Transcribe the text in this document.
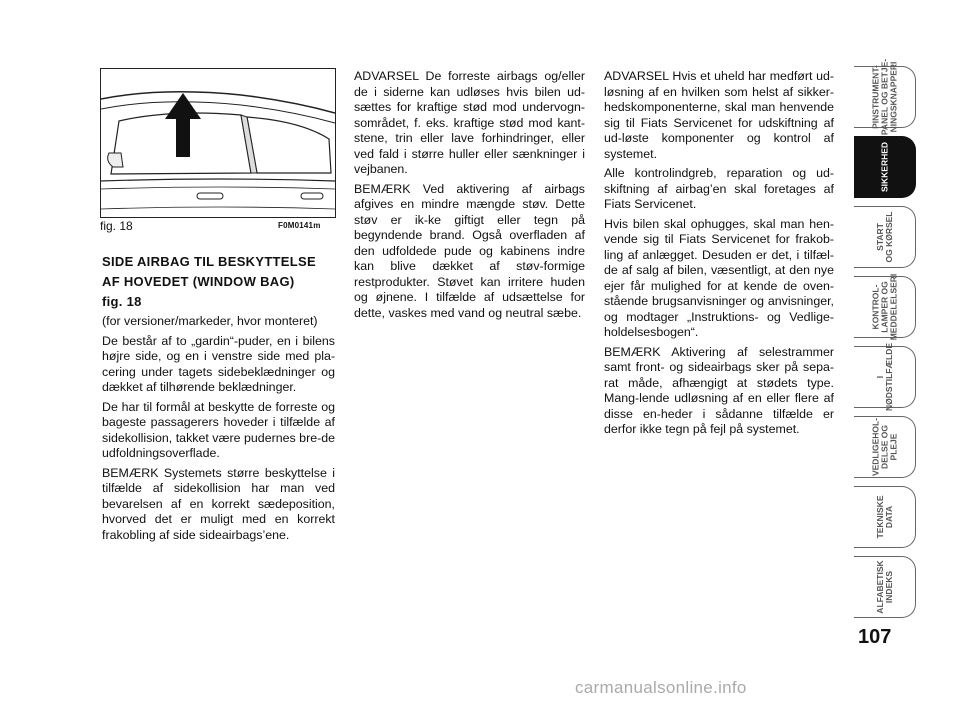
fig. 18	F0M0141m

SIDE AIRBAG TIL BESKYTTELSE

AF HOVEDET (WINDOW BAG)

fig. 18

(for versioner/markeder, hvor monteret)

De består af to „gardin“-puder, en i bilens højre side, og en i venstre side med pla-cering under tagets sidebeklædninger og dækket af tilhørende beklædninger.

De har til formål at beskytte de forreste og bageste passagerers hoveder i tilfælde af sidekollision, takket være pudernes bre-de udfoldningsoverflade.

BEMÆRK Systemets større beskyttelse i tilfælde af sidekollision har man ved bevarelsen af en korrekt sædeposition, hvorved det er muligt med en korrekt frakobling af side sideairbags’ene.

ADVARSEL De forreste airbags og/eller de i siderne kan udløses hvis bilen ud-sættes for kraftige stød mod undervogn-sområdet, f. eks. kraftige stød mod kant-stene, trin eller lave forhindringer, eller ved fald i større huller eller sænkninger i vejbanen.

BEMÆRK Ved aktivering af airbags afgives en mindre mængde støv. Dette støv er ik-ke giftigt eller tegn på begyndende brand. Også overfladen af den udfoldede pude og kabinens indre kan blive dækket af støv-formige restprodukter. Støvet kan irritere huden og øjnene. I tilfælde af udsættelse for dette, vaskes med vand og neutral sæbe.

ADVARSEL Hvis et uheld har medført ud-løsning af en hvilken som helst af sikker-hedskomponenterne, skal man henvende sig til Fiats Servicenet for udskiftning af ud-løste komponenter og kontrol af systemet.

Alle kontrolindgreb, reparation og ud-skiftning af airbag’en skal foretages af Fiats Servicenet.

Hvis bilen skal ophugges, skal man hen-vende sig til Fiats Servicenet for frakob-ling af anlægget. Desuden er det, i tilfæl-de af salg af bilen, væsentligt, at den nye ejer får mulighed for at kende de oven-stående brugsanvisninger og anvisninger, og modtager „Instruktions- og Vedlige-holdelsesbogen“.

BEMÆRK Aktivering af selestrammer samt front- og sideairbags sker på sepa-rat måde, afhængigt at stødets type. Mang-lende udløsning af en eller flere af disse en-heder i sådanne tilfælde er derfor ikke tegn på fejl på systemet.

PINSTRUMENT-
PANEL OG BETJE-
NINGSKNAPPERI
SIKKERHED
START
OG KØRSEL
KONTROL-
LAMPER OG
MEDDELELSERI
I
NØDSTILFÆLDE
VEDLIGEHOL-
DELSE OG
PLEJE
TEKNISKE
DATA
ALFABETISK
INDEKS
107
carmanualsonline.info
